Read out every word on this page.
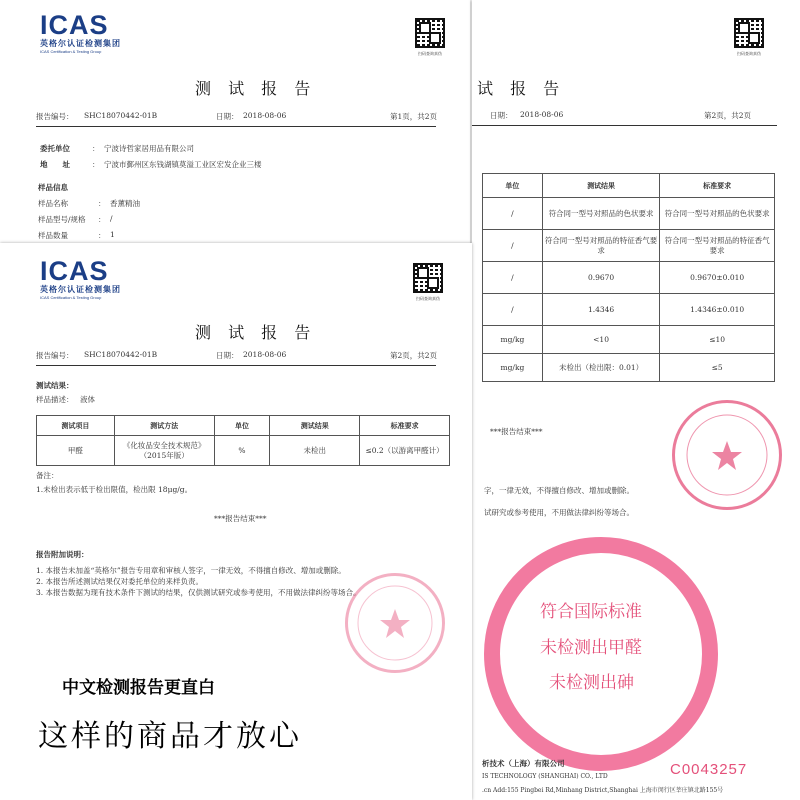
ICAS
英格尔认证检测集团
ICAS Certification & Testing Group	扫码查询真伪
测 试 报 告
报告编号： SHC18070442-01B	日期： 2018-08-06	第1页，共2页
委托单位	： 宁波诗哲家居用品有限公司
地　　址	： 宁波市鄞州区东钱湖镇莫溢工业区宏发企业三楼
样品信息
样品名称	： 香薰精油
样品型号/规格 ： /
样品数量	： 1
扫码查询真伪
试 报 告
日期： 2018-08-06	第2页，共2页
单位	测试结果	标准要求
/	符合同一型号对照品的色状要求	符合同一型号对照品的色状要求
/	符合同一型号对照品的特征香气要求	符合同一型号对照品的特征香气要求
/	0.9670	0.9670±0.010
/	1.4346	1.4346±0.010
mg/kg	<10	≤10
mg/kg	未检出（检出限：0.01）	≤5
***报告结束***
字，一律无效，不得擅自修改、增加或删除。
试研究或参考使用，不用做法律纠纷等场合。
符合国际标准
未检测出甲醛
未检测出砷
析技术（上海）有限公司
IS TECHNOLOGY (SHANGHAI) CO., LTD
.cn Add:155 Pingbei Rd,Minhang District,Shanghai 上海市闵行区莘庄镇北路155号
C0043257
ICAS
英格尔认证检测集团
ICAS Certification & Testing Group	扫码查询真伪
测 试 报 告
报告编号： SHC18070442-01B	日期： 2018-08-06	第2页，共2页
测试结果：
样品描述： 液体
测试项目	测试方法	单位	测试结果	标准要求
甲醛	《化妆品安全技术规范》（2015年版）	%	未检出	≤0.2（以游离甲醛计）
备注：
1.未检出表示低于检出限值，检出限 18μg/g。
***报告结束***
报告附加说明：
1. 本报告未加盖“英格尔”报告专用章和审核人签字，一律无效，不得擅自修改、增加或删除。
2. 本报告所述测试结果仅对委托单位的来样负责。
3. 本报告数据为现有技术条件下测试的结果，仅供测试研究或参考使用，不用做法律纠纷等场合。
中文检测报告更直白
这样的商品才放心
